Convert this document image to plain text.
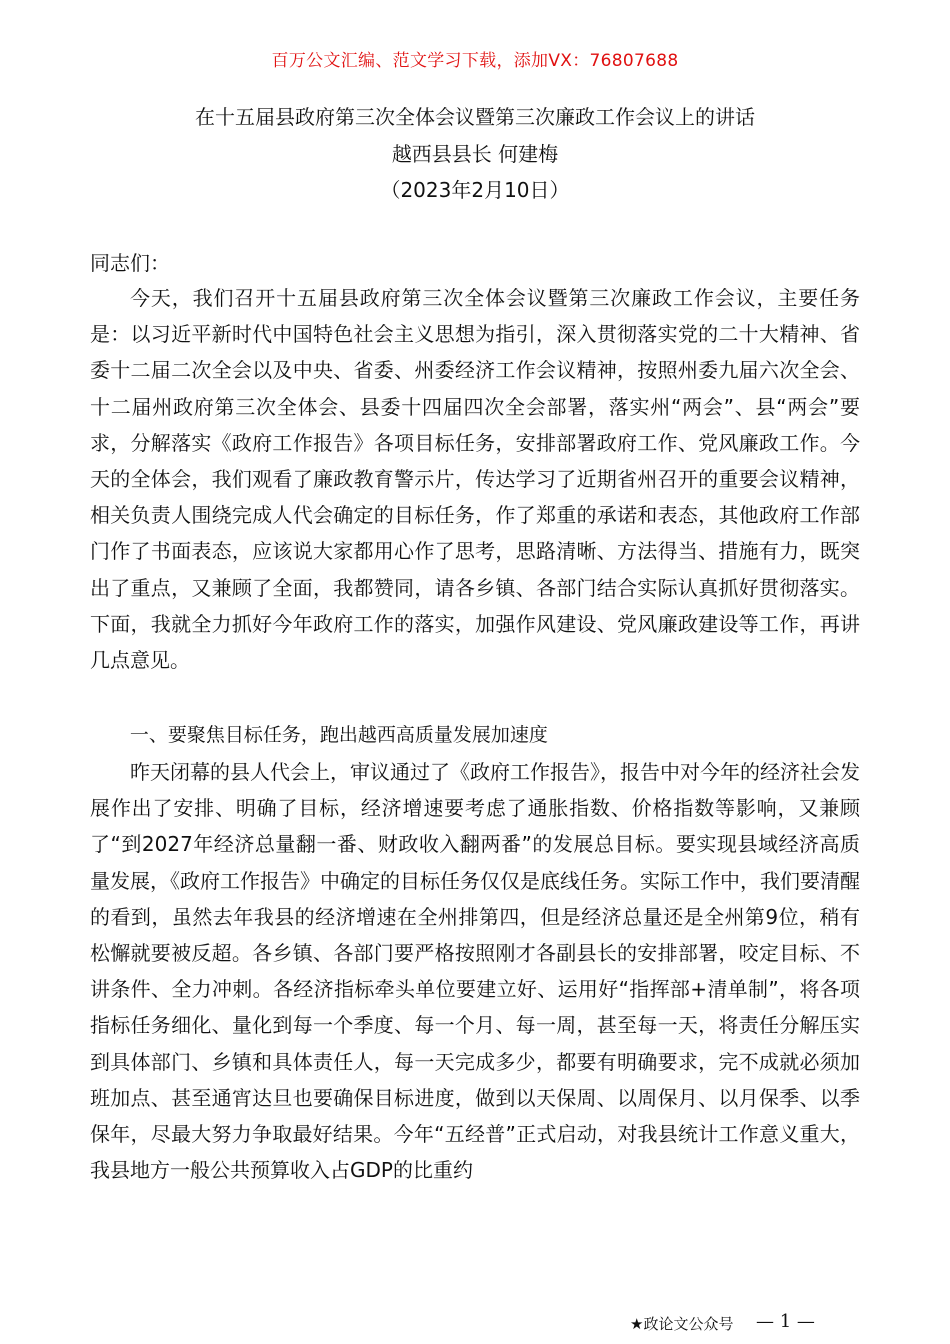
百万公文汇编、范文学习下载，添加VX：76807688
在十五届县政府第三次全体会议暨第三次廉政工作会议上的讲话
越西县县长 何建梅
（2023年2月10日）
同志们：

今天，我们召开十五届县政府第三次全体会议暨第三次廉政工作会议，主要任务是：以习近平新时代中国特色社会主义思想为指引，深入贯彻落实党的二十大精神、省委十二届二次全会以及中央、省委、州委经济工作会议精神，按照州委九届六次全会、十二届州政府第三次全体会、县委十四届四次全会部署，落实州“两会”、县“两会”要求，分解落实《政府工作报告》各项目标任务，安排部署政府工作、党风廉政工作。今天的全体会，我们观看了廉政教育警示片，传达学习了近期省州召开的重要会议精神，相关负责人围绕完成人代会确定的目标任务，作了郑重的承诺和表态，其他政府工作部门作了书面表态，应该说大家都用心作了思考，思路清晰、方法得当、措施有力，既突出了重点，又兼顾了全面，我都赞同，请各乡镇、各部门结合实际认真抓好贯彻落实。下面，我就全力抓好今年政府工作的落实，加强作风建设、党风廉政建设等工作，再讲几点意见。

一、要聚焦目标任务，跑出越西高质量发展加速度

昨天闭幕的县人代会上，审议通过了《政府工作报告》，报告中对今年的经济社会发展作出了安排、明确了目标，经济增速要考虑了通胀指数、价格指数等影响，又兼顾了“到2027年经济总量翻一番、财政收入翻两番”的发展总目标。要实现县域经济高质量发展，《政府工作报告》中确定的目标任务仅仅是底线任务。实际工作中，我们要清醒的看到，虽然去年我县的经济增速在全州排第四，但是经济总量还是全州第9位，稍有松懈就要被反超。各乡镇、各部门要严格按照刚才各副县长的安排部署，咬定目标、不讲条件、全力冲刺。各经济指标牵头单位要建立好、运用好“指挥部+清单制”，将各项指标任务细化、量化到每一个季度、每一个月、每一周，甚至每一天，将责任分解压实到具体部门、乡镇和具体责任人，每一天完成多少，都要有明确要求，完不成就必须加班加点、甚至通宵达旦也要确保目标进度，做到以天保周、以周保月、以月保季、以季保年，尽最大努力争取最好结果。今年“五经普”正式启动，对我县统计工作意义重大，我县地方一般公共预算收入占GDP的比重约

★政论文公众号 — 1 —
